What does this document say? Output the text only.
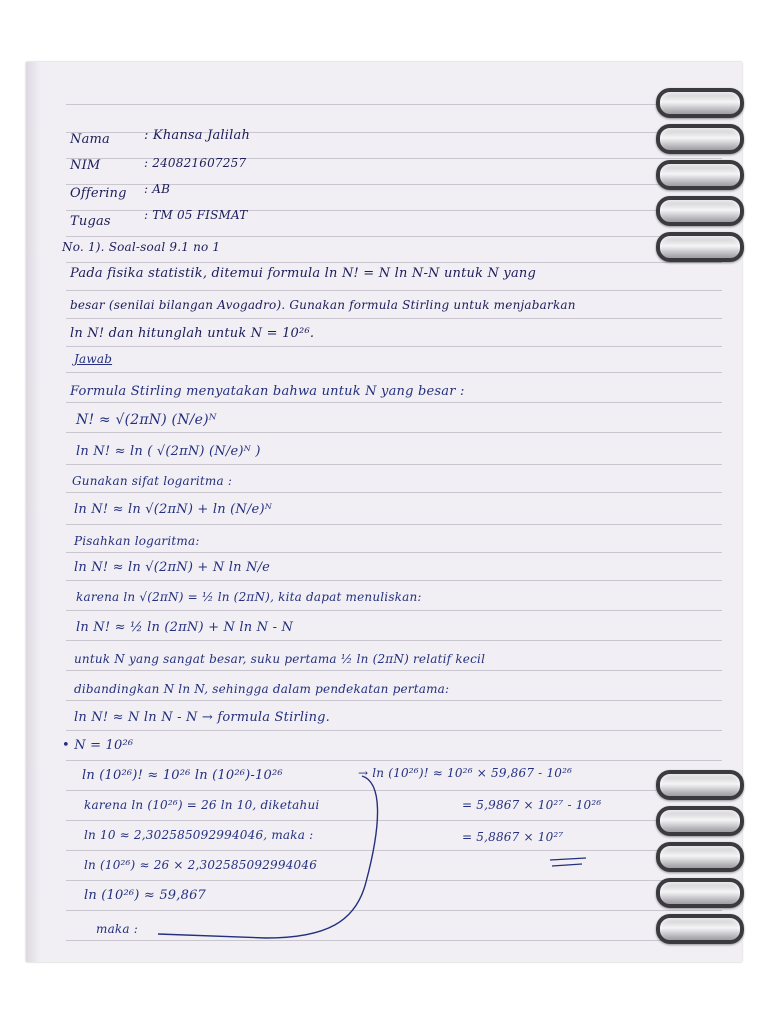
Nama	: Khansa Jalilah
NIM	: 240821607257
Offering : AB
Tugas	: TM 05 FISMAT
No. 1). Soal-soal 9.1 no 1
Pada fisika statistik, ditemui formula ln N! = N ln N-N untuk N yang
besar (senilai bilangan Avogadro). Gunakan formula Stirling untuk menjabarkan
ln N! dan hitunglah untuk N = 10²⁶.
Jawab
Formula Stirling menyatakan bahwa untuk N yang besar :
N! ≈ √(2πN) (N/e)ᴺ
ln N! ≈ ln ( √(2πN) (N/e)ᴺ )
Gunakan sifat logaritma :
ln N! ≈ ln √(2πN) + ln (N/e)ᴺ
Pisahkan logaritma:
ln N! ≈ ln √(2πN) + N ln N/e
karena ln √(2πN) = ½ ln (2πN), kita dapat menuliskan:
ln N! ≈ ½ ln (2πN) + N ln N - N
untuk N yang sangat besar, suku pertama ½ ln (2πN) relatif kecil
dibandingkan N ln N, sehingga dalam pendekatan pertama:
ln N! ≈ N ln N - N → formula Stirling.
• N = 10²⁶
ln (10²⁶)! ≈ 10²⁶ ln (10²⁶)-10²⁶
karena ln (10²⁶) = 26 ln 10, diketahui
ln 10 ≈ 2,302585092994046, maka :
ln (10²⁶) ≈ 26 × 2,302585092994046
ln (10²⁶) ≈ 59,867
maka :
→ ln (10²⁶)! ≈ 10²⁶ × 59,867 - 10²⁶
= 5,9867 × 10²⁷ - 10²⁶
= 5,8867 × 10²⁷
